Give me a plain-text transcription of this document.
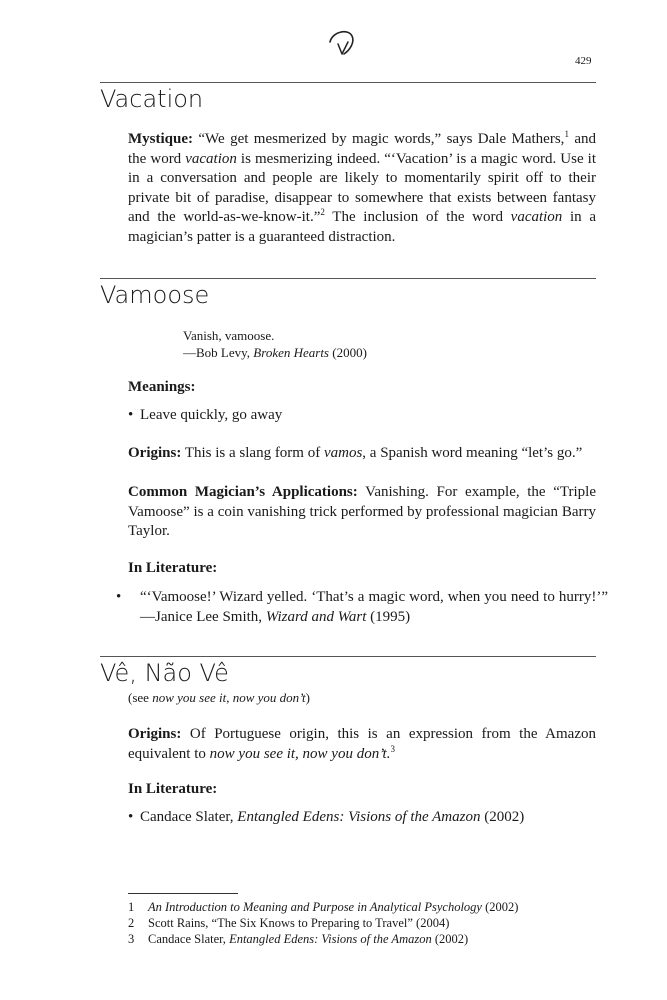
429
Vacation
Mystique: “We get mesmerized by magic words,” says Dale Mathers,$^1$ and the word vacation is mesmerizing indeed. “‘Vacation’ is a magic word. Use it in a conversation and people are likely to momentarily spirit off to their private bit of paradise, disappear to somewhere that exists between fantasy and the world-as-we-know-it.”$^2$ The inclusion of the word vacation in a magician’s patter is a guaranteed distraction.
Vamoose
Vanish, vamoose.
—Bob Levy, Broken Hearts (2000)
Meanings:
• Leave quickly, go away
Origins: This is a slang form of vamos, a Spanish word meaning “let’s go.”
Common Magician’s Applications: Vanishing. For example, the “Triple Vamoose” is a coin vanishing trick performed by professional magician Barry Taylor.
In Literature:
• “‘Vamoose!’ Wizard yelled. ‘That’s a magic word, when you need to hurry!’” —Janice Lee Smith, Wizard and Wart (1995)
Vê, Não Vê
(see now you see it, now you don’t)
Origins: Of Portuguese origin, this is an expression from the Amazon equivalent to now you see it, now you don’t.$^3$
In Literature:
• Candace Slater, Entangled Edens: Visions of the Amazon (2002)
1 An Introduction to Meaning and Purpose in Analytical Psychology (2002)
2 Scott Rains, “The Six Knows to Preparing to Travel” (2004)
3 Candace Slater, Entangled Edens: Visions of the Amazon (2002)
